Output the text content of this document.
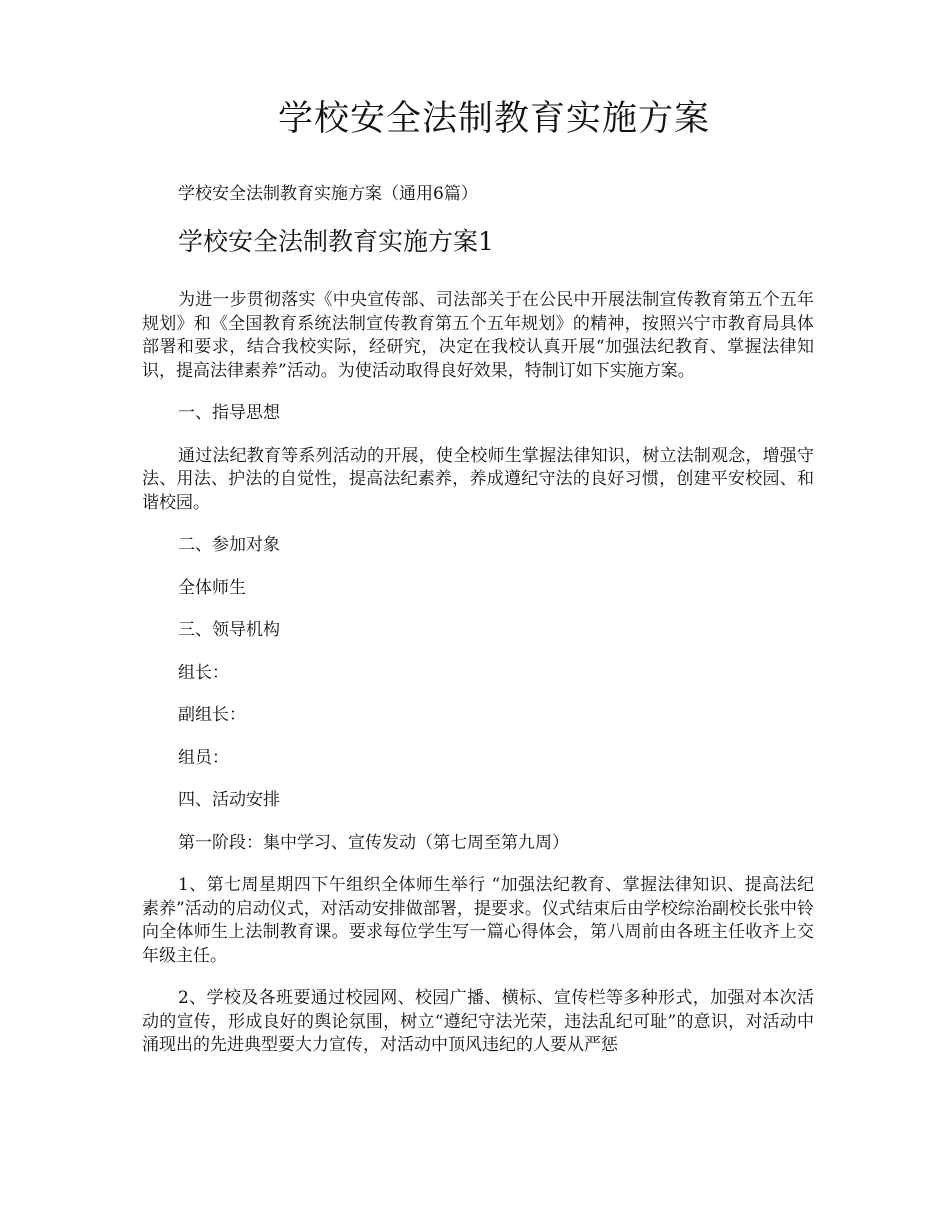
学校安全法制教育实施方案
学校安全法制教育实施方案（通用6篇）
学校安全法制教育实施方案1

为进一步贯彻落实《中央宣传部、司法部关于在公民中开展法制宣传教育第五个五年规划》和《全国教育系统法制宣传教育第五个五年规划》的精神，按照兴宁市教育局具体部署和要求，结合我校实际，经研究，决定在我校认真开展“加强法纪教育、掌握法律知识，提高法律素养”活动。为使活动取得良好效果，特制订如下实施方案。

一、指导思想

通过法纪教育等系列活动的开展，使全校师生掌握法律知识，树立法制观念，增强守法、用法、护法的自觉性，提高法纪素养，养成遵纪守法的良好习惯，创建平安校园、和谐校园。

二、参加对象

全体师生

三、领导机构

组长：

副组长：

组员：

四、活动安排

第一阶段：集中学习、宣传发动（第七周至第九周）

1、第七周星期四下午组织全体师生举行 “加强法纪教育、掌握法律知识、提高法纪素养”活动的启动仪式，对活动安排做部署，提要求。仪式结束后由学校综治副校长张中铃向全体师生上法制教育课。要求每位学生写一篇心得体会，第八周前由各班主任收齐上交年级主任。

2、学校及各班要通过校园网、校园广播、横标、宣传栏等多种形式，加强对本次活动的宣传，形成良好的舆论氛围，树立“遵纪守法光荣，违法乱纪可耻”的意识，对活动中涌现出的先进典型要大力宣传，对活动中顶风违纪的人要从严惩
